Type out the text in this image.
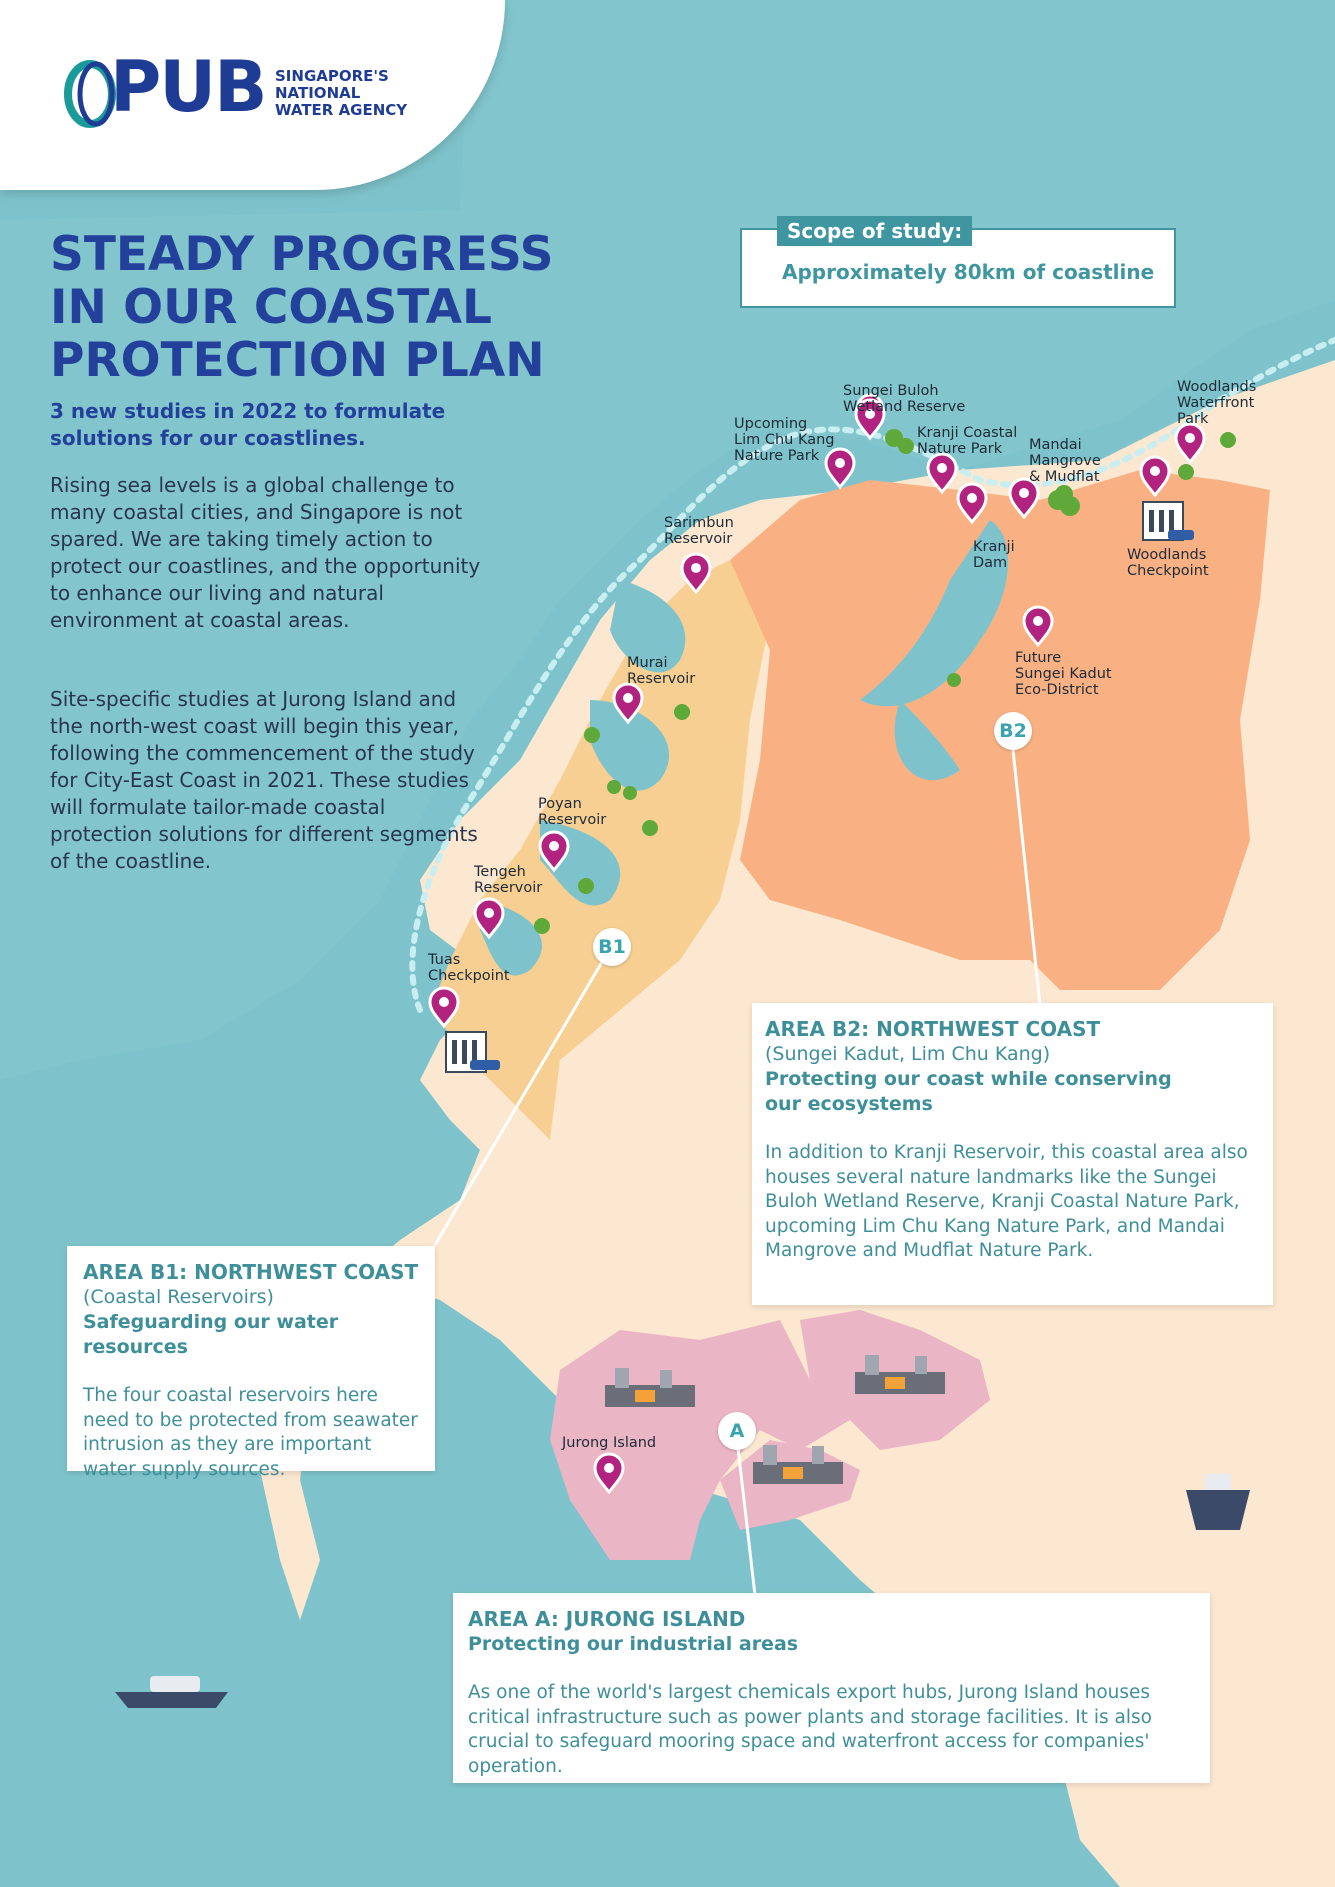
PUB SINGAPORE'S
NATIONAL
WATER AGENCY
STEADY PROGRESS
IN OUR COASTAL
PROTECTION PLAN
3 new studies in 2022 to formulate solutions for our coastlines.
Rising sea levels is a global challenge to many coastal cities, and Singapore is not spared. We are taking timely action to protect our coastlines, and the opportunity to enhance our living and natural environment at coastal areas.
Site-specific studies at Jurong Island and the north-west coast will begin this year, following the commencement of the study for City-East Coast in 2021. These studies will formulate tailor-made coastal protection solutions for different segments of the coastline.
Scope of study:
Approximately 80km of coastline
Sungei Buloh
Wetland Reserve
Upcoming
Lim Chu Kang
Nature Park
Kranji Coastal
Nature Park	Mandai
Mangrove
& Mudflat
Woodlands
Waterfront
Park
Sarimbun
Reservoir	Kranji
Dam	Woodlands
Checkpoint
Murai
Reservoir
Future
Sungei Kadut
Eco-District
Poyan
Reservoir
Tengeh
Reservoir
Tuas
Checkpoint
Jurong Island
B1
B2
A
AREA B2: NORTHWEST COAST
(Sungei Kadut, Lim Chu Kang)
Protecting our coast while conserving
our ecosystems
In addition to Kranji Reservoir, this coastal area also houses several nature landmarks like the Sungei Buloh Wetland Reserve, Kranji Coastal Nature Park, upcoming Lim Chu Kang Nature Park, and Mandai Mangrove and Mudflat Nature Park.
AREA B1: NORTHWEST COAST
(Coastal Reservoirs)
Safeguarding our water resources
The four coastal reservoirs here need to be protected from seawater intrusion as they are important water supply sources.
AREA A: JURONG ISLAND
Protecting our industrial areas
As one of the world's largest chemicals export hubs, Jurong Island houses critical infrastructure such as power plants and storage facilities. It is also crucial to safeguard mooring space and waterfront access for companies' operation.
